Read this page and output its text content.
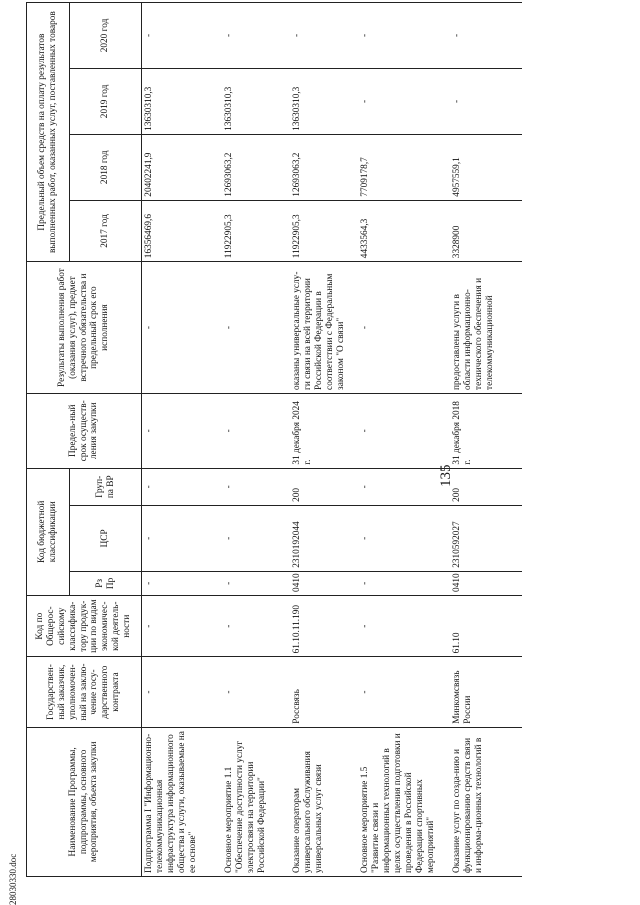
28030330.doc
135
Наименование Программы, подпрограммы, основного мероприятия, объекта закупки	Государствен-ный заказчик, уполномочен-ный на заклю-чение госу-дарственного контракта	Код по Общерос-сийскому классифика-тору продук-ции по видам экономичес-кой деятель-ности	Код бюджетной классификации			Предель-ный срок осуществ-ления закупки	Результаты выполнения работ (оказания услуг), предмет встречного обязательства и предельный срок его исполнения	Предельный объем средств на оплату результатов выполненных работ, оказанных услуг, поставленных товаров			
			Рз Пр	ЦСР	Груп-па ВР			2017 год	2018 год	2019 год	2020 год
Подпрограмма I "Информационно-телекоммуникационная инфраструктура информационного общества и услуги, оказываемые на ее основе"	-	-	-	-	-	-	-	16356469,6	20402241,9	13630310,3	-
Основное мероприятие 1.1 "Обеспечение доступности услуг электросвязи на территории Российской Федерации"	-	-	-	-	-	-	-	11922905,3	12693063,2	13630310,3	-
Оказание операторам универсального обслуживания универсальных услуг связи	Россвязь	61.10.11.190	0410	2310192044	200	31 декабря 2024 г.	оказаны универсальные услу-ги связи на всей территории Российской Федерации в соответствии с Федеральным законом "О связи"	11922905,3	12693063,2	13630310,3	-
Основное мероприятие 1.5 "Развитие связи и информационных технологий в целях осуществления подготовки и проведения в Российской Федерации спортивных мероприятий"	-	-	-	-	-	-	-	4433564,3	7709178,7	-	-
Оказание услуг по созда-нию и функционированию средств связи и информа-ционных технологий в	Минкомсвязь России	61.10	0410	2310592027	200	31 декабря 2018 г.	предоставлены услуги в области информационно-технического обеспечения и телекоммуникационной	3328900	4957559,1	-	-
